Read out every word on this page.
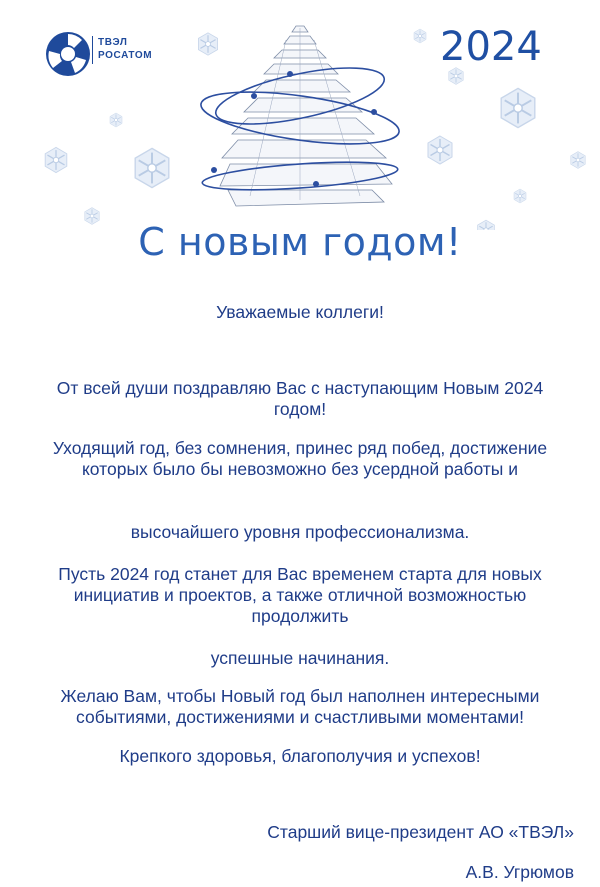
ТВЭЛ
РОСАТОМ	2024
С новым годом!
Уважаемые коллеги!
От всей души поздравляю Вас с наступающим Новым 2024 годом!
Уходящий год, без сомнения, принес ряд побед, достижение которых было бы невозможно без усердной работы и
высочайшего уровня профессионализма.
Пусть 2024 год станет для Вас временем старта для новых инициатив и проектов, а также отличной возможностью продолжить
успешные начинания.
Желаю Вам, чтобы Новый год был наполнен интересными событиями, достижениями и счастливыми моментами!
Крепкого здоровья, благополучия и успехов!
Старший вице-президент АО «ТВЭЛ»
А.В. Угрюмов
